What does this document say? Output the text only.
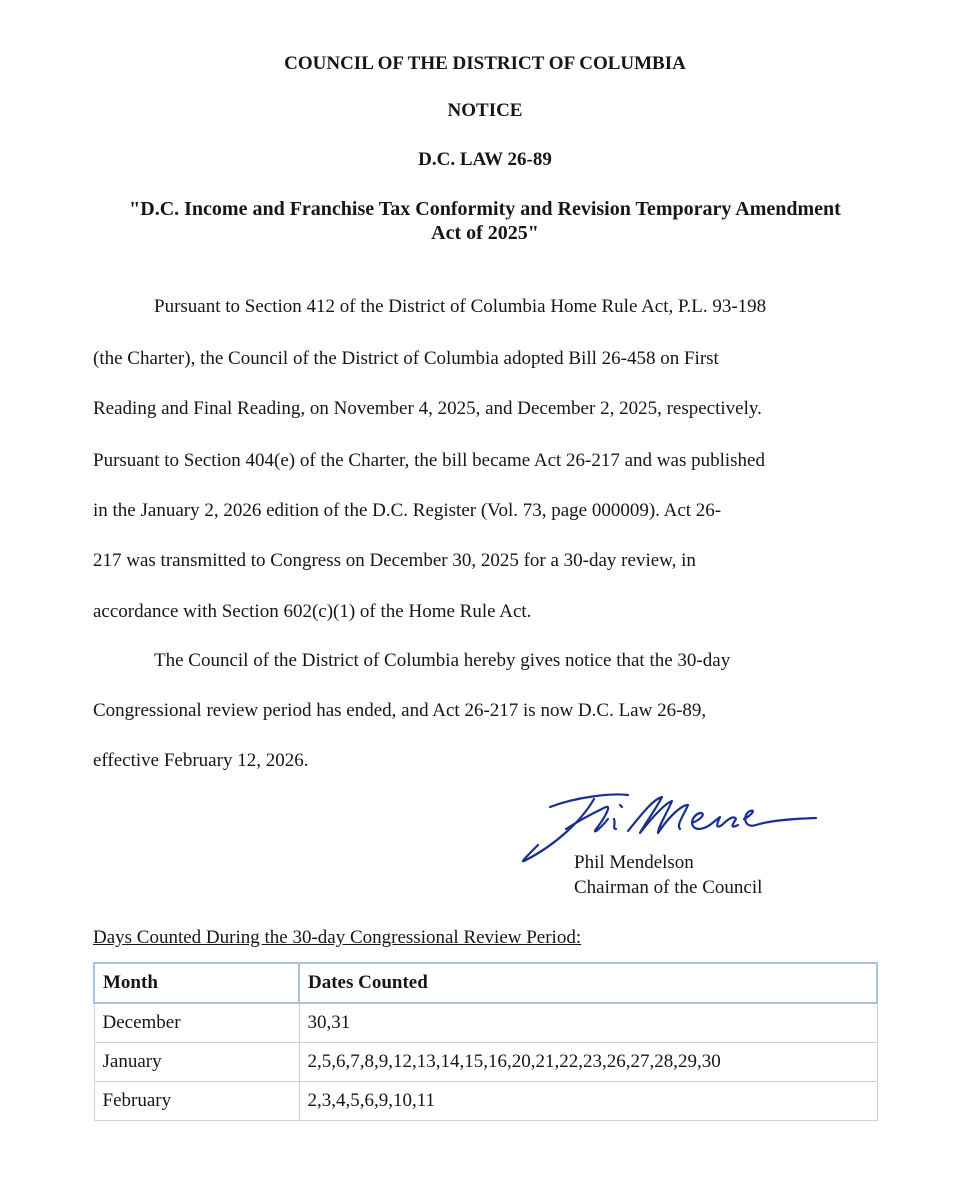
COUNCIL OF THE DISTRICT OF COLUMBIA
NOTICE
D.C. LAW 26-89
"D.C. Income and Franchise Tax Conformity and Revision Temporary Amendment
Act of 2025"
Pursuant to Section 412 of the District of Columbia Home Rule Act, P.L. 93-198
(the Charter), the Council of the District of Columbia adopted Bill 26-458 on First
Reading and Final Reading, on November 4, 2025, and December 2, 2025, respectively.
Pursuant to Section 404(e) of the Charter, the bill became Act 26-217 and was published
in the January 2, 2026 edition of the D.C. Register (Vol. 73, page 000009). Act 26-
217 was transmitted to Congress on December 30, 2025 for a 30-day review, in
accordance with Section 602(c)(1) of the Home Rule Act.
The Council of the District of Columbia hereby gives notice that the 30-day
Congressional review period has ended, and Act 26-217 is now D.C. Law 26-89,
effective February 12, 2026.
Phil Mendelson
Chairman of the Council
Days Counted During the 30-day Congressional Review Period:
Month	Dates Counted
December	30,31
January	2,5,6,7,8,9,12,13,14,15,16,20,21,22,23,26,27,28,29,30
February	2,3,4,5,6,9,10,11
